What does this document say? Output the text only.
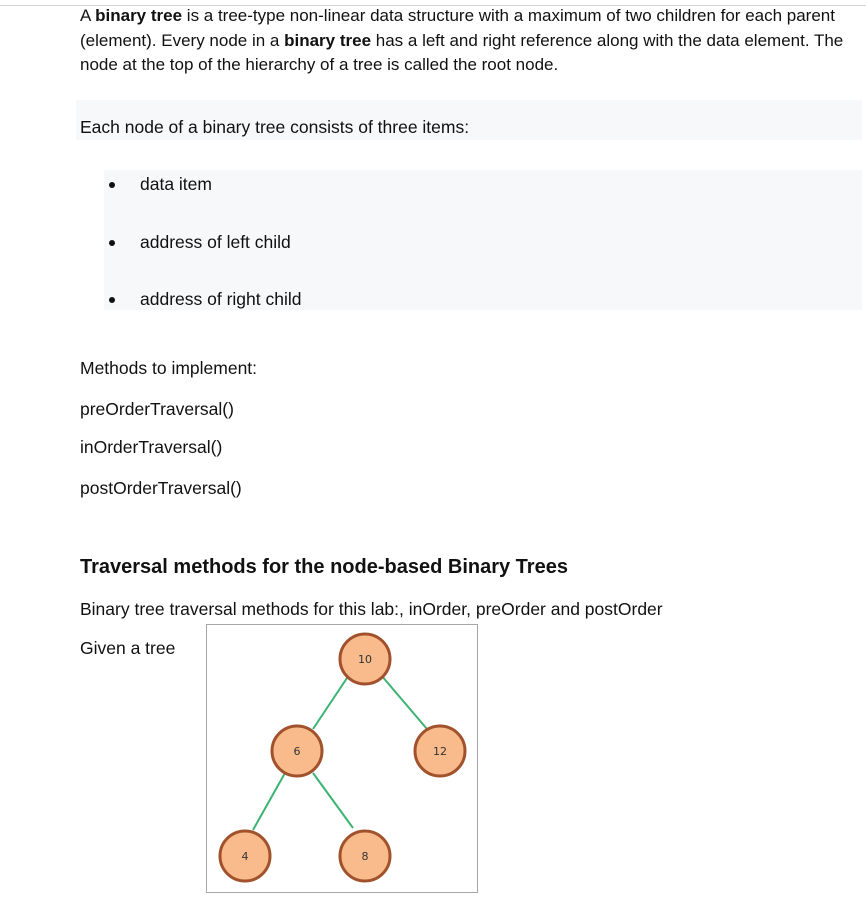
A binary tree is a tree-type non-linear data structure with a maximum of two children for each parent (element). Every node in a binary tree has a left and right reference along with the data element. The node at the top of the hierarchy of a tree is called the root node.

Each node of a binary tree consists of three items:

data item
address of left child
address of right child

Methods to implement:

preOrderTraversal()

inOrderTraversal()

postOrderTraversal()

Traversal methods for the node-based Binary Trees

Binary tree traversal methods for this lab:, inOrder, preOrder and postOrder

Given a tree

10
6	12
4	8
